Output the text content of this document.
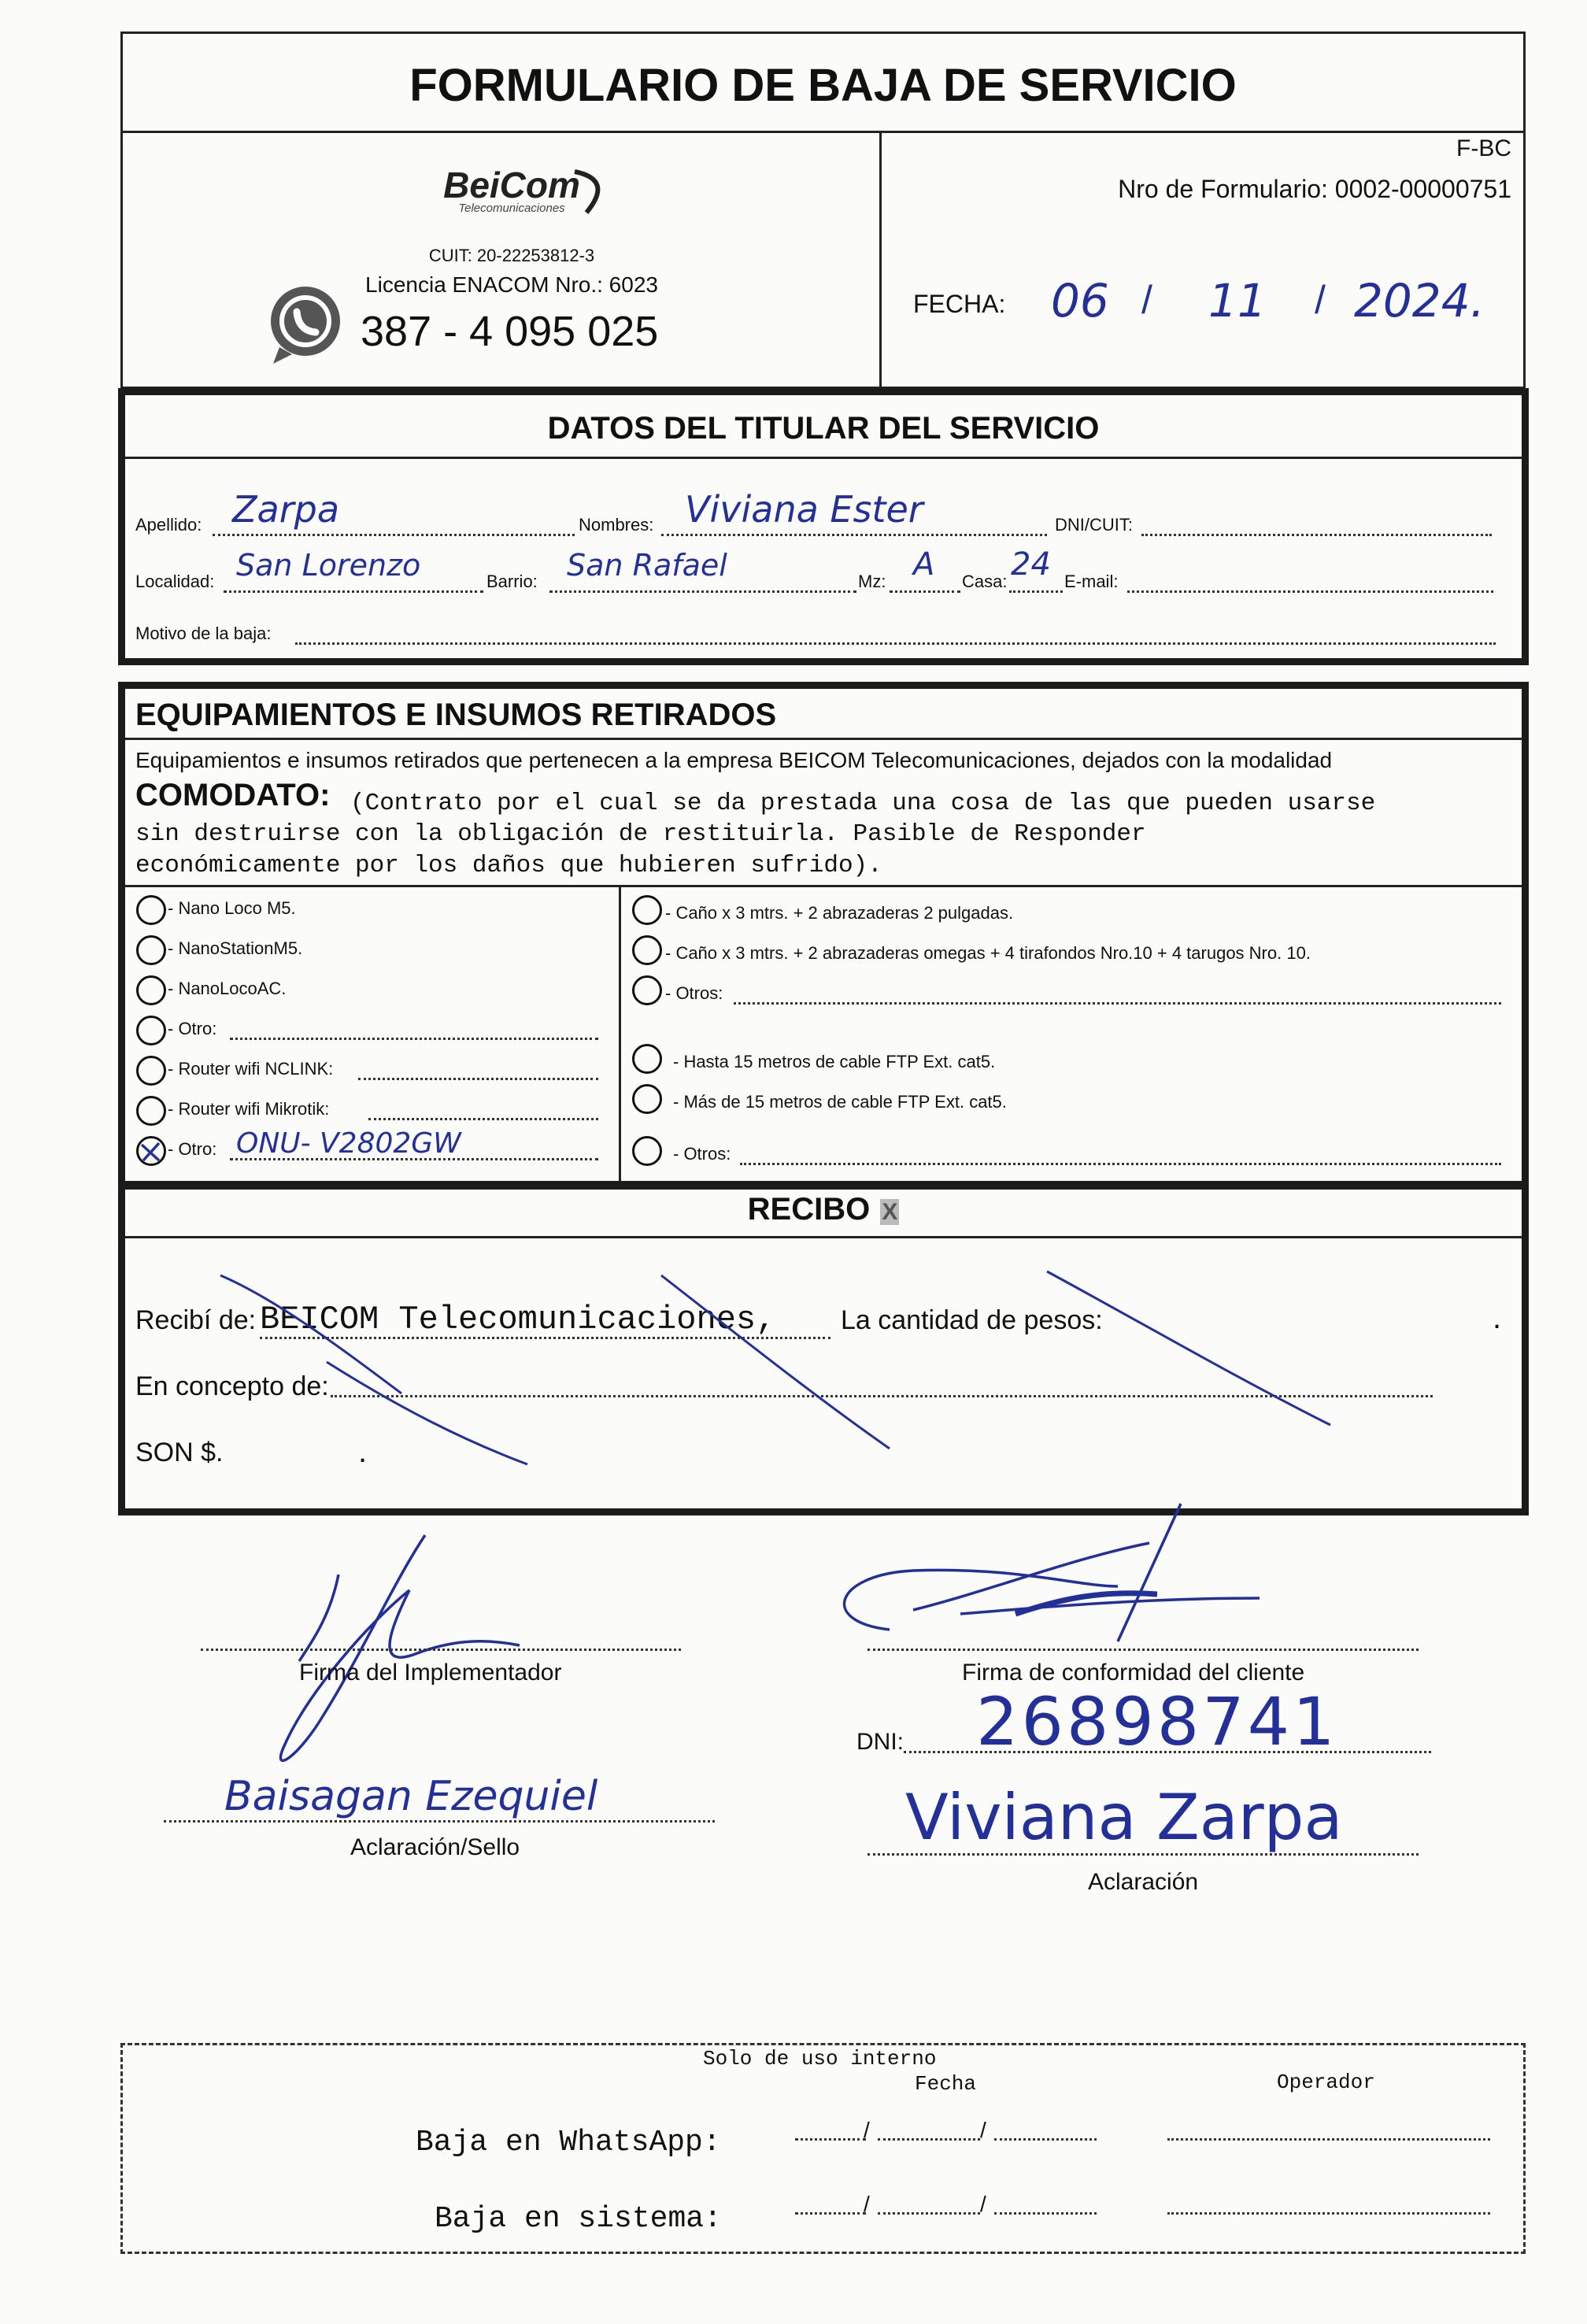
FORMULARIO DE BAJA DE SERVICIO
BeiCom
Telecomunicaciones
CUIT: 20-22253812-3
Licencia ENACOM Nro.: 6023
387 - 4 095 025
F-BC
Nro de Formulario: 0002-00000751
FECHA: 06 / 11 / 2024.
DATOS DEL TITULAR DEL SERVICIO
Apellido: Zarpa	Nombres: Viviana Ester	DNI/CUIT:
Localidad: San Lorenzo	Barrio: San Rafael	Mz: A Casa: 24 E-mail:
Motivo de la baja:
EQUIPAMIENTOS E INSUMOS RETIRADOS
Equipamientos e insumos retirados que pertenecen a la empresa BEICOM Telecomunicaciones, dejados con la modalidad
COMODATO: (Contrato por el cual se da prestada una cosa de las que pueden usarse
sin destruirse con la obligación de restituirla. Pasible de Responder
económicamente por los daños que hubieren sufrido).
- Nano Loco M5.
- NanoStationM5.
- NanoLocoAC.
- Otro:
- Router wifi NCLINK:
- Router wifi Mikrotik:
- Otro: ONU- V2802GW
- Caño x 3 mtrs. + 2 abrazaderas 2 pulgadas.
- Caño x 3 mtrs. + 2 abrazaderas omegas + 4 tirafondos Nro.10 + 4 tarugos Nro. 10.
- Otros:
- Hasta 15 metros de cable FTP Ext. cat5.
- Más de 15 metros de cable FTP Ext. cat5.
- Otros:
RECIBO X
Recibí de: BEICOM Telecomunicaciones, La cantidad de pesos:	.
En concepto de:
SON $.	.
Firma del Implementador
Baisagan Ezequiel
Aclaración/Sello
Firma de conformidad del cliente
DNI: 26898741
Viviana Zarpa
Aclaración
Solo de uso interno
Fecha	Operador
Baja en WhatsApp:	/	/
Baja en sistema:	/	/
